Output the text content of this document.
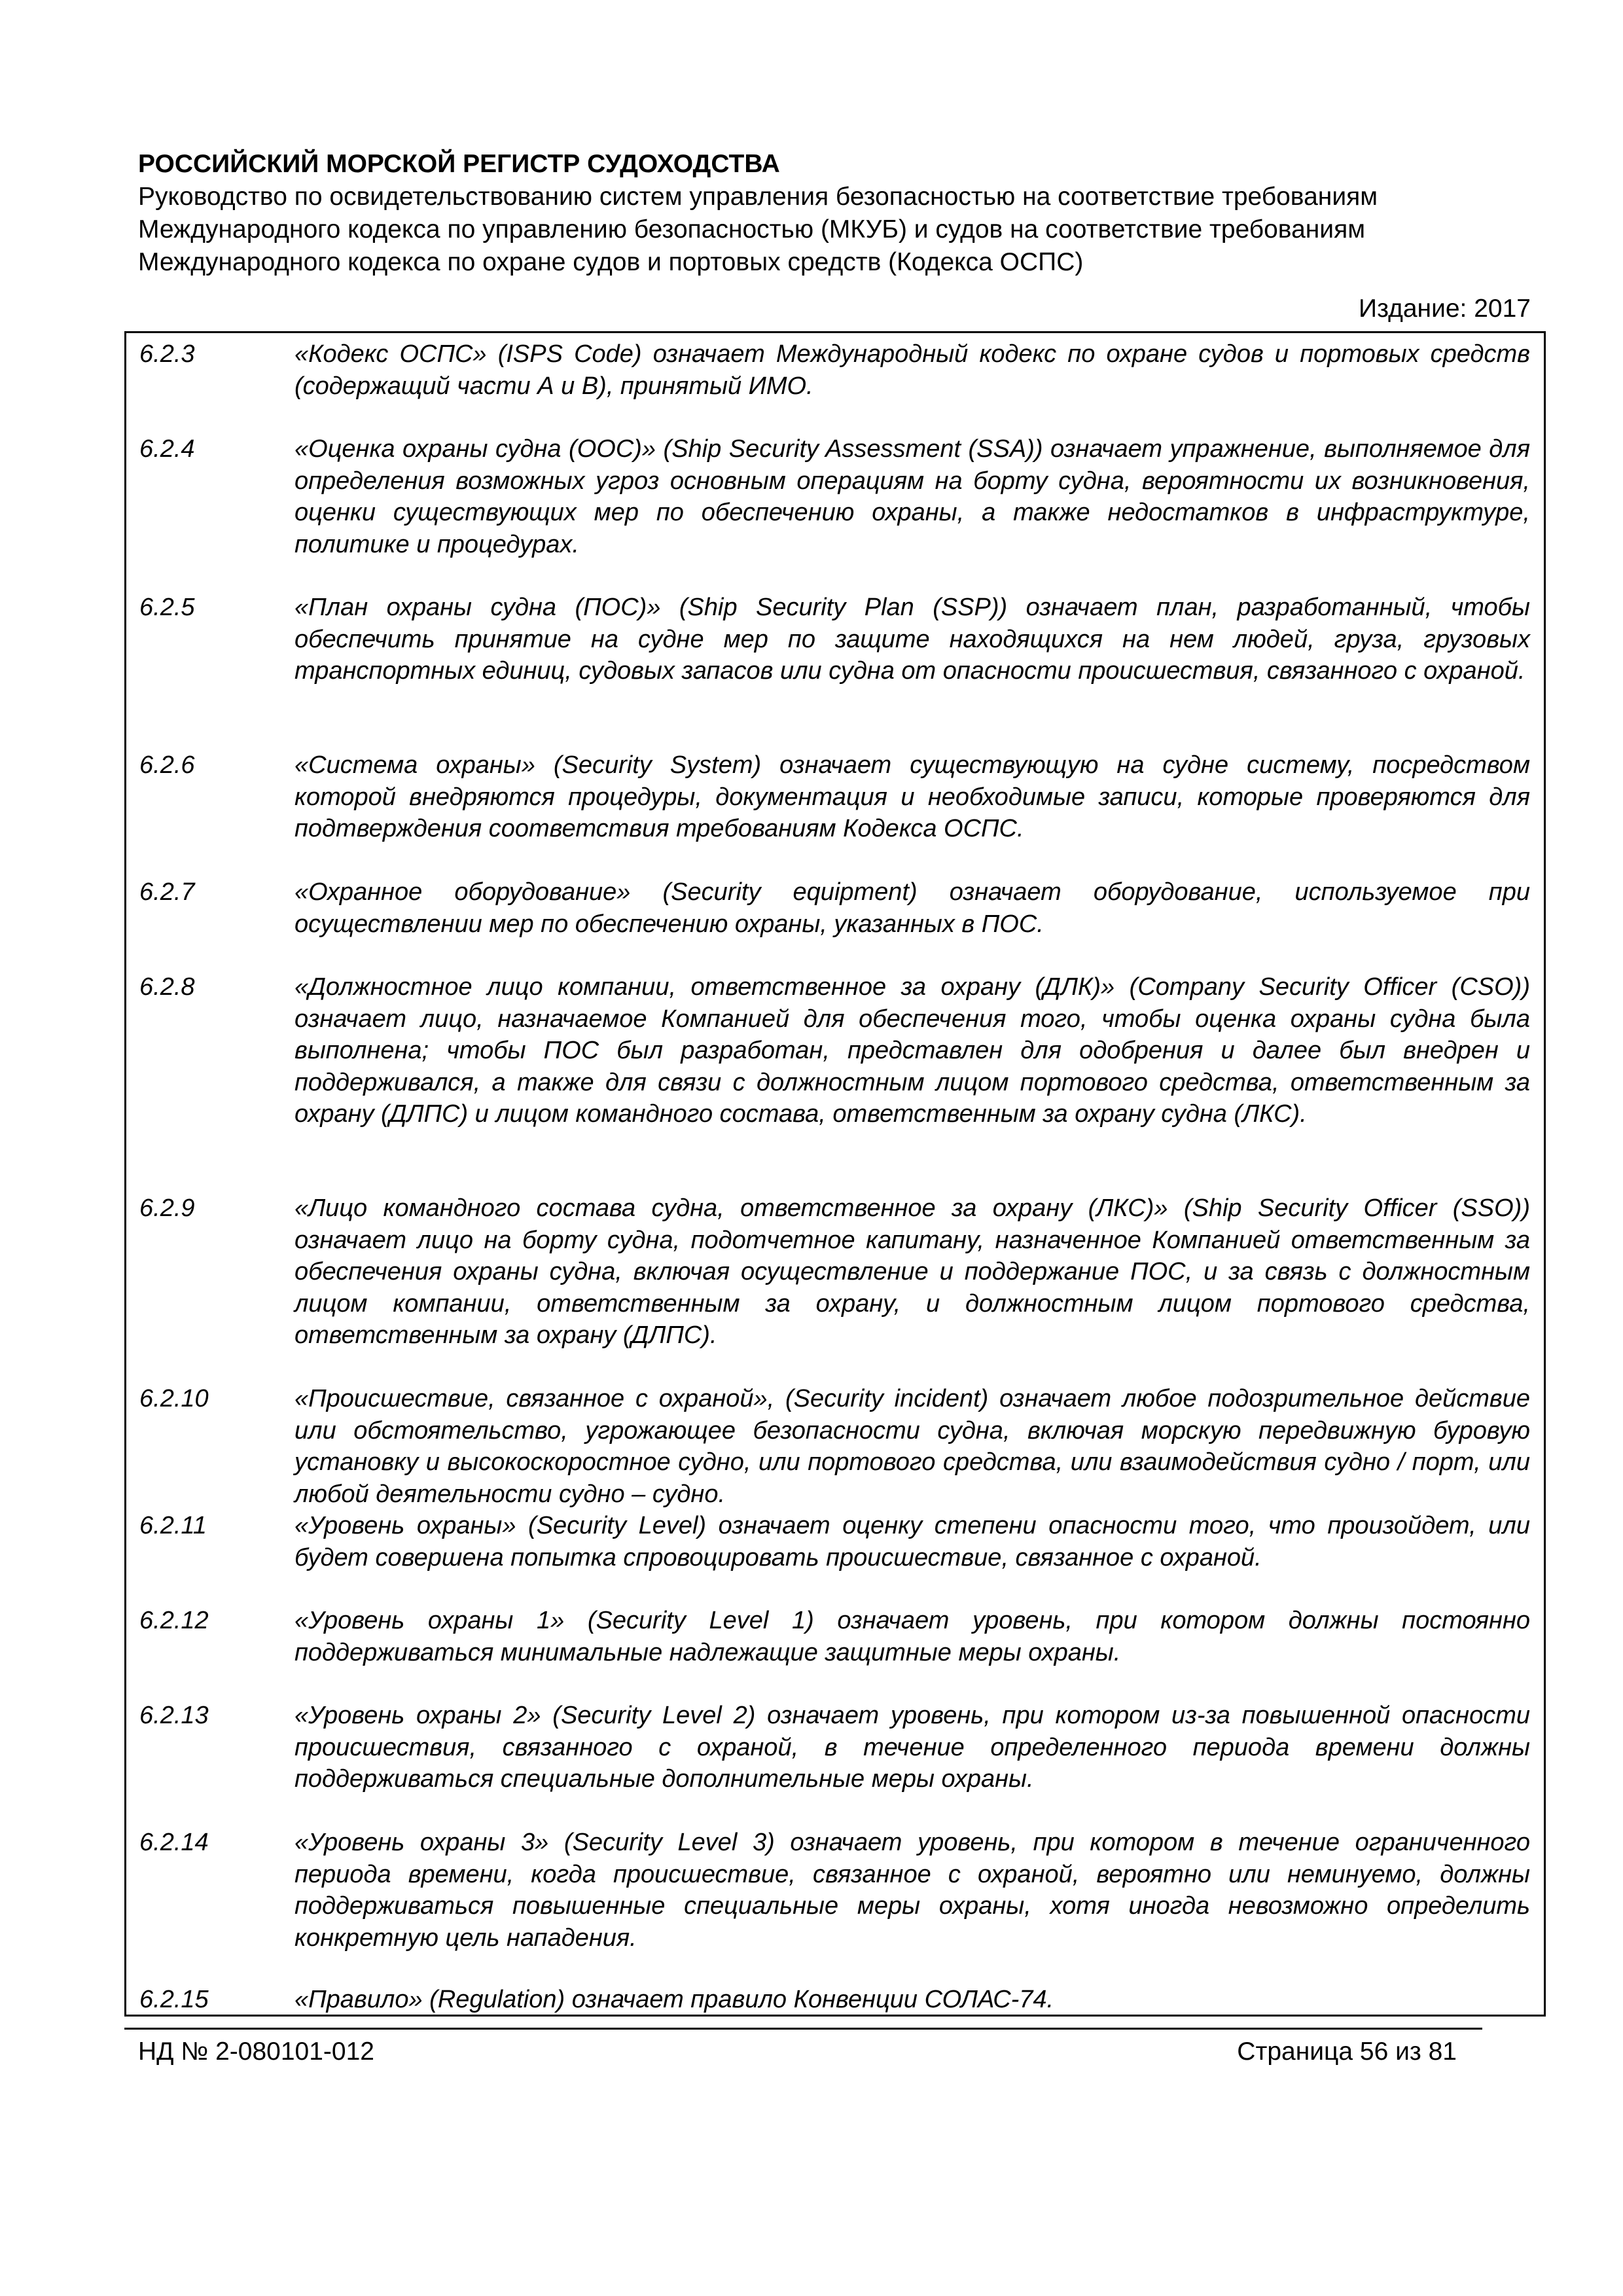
РОССИЙСКИЙ МОРСКОЙ РЕГИСТР СУДОХОДСТВА

Руководство по освидетельствованию систем управления безопасностью на соответствие требованиям Международного кодекса по управлению безопасностью (МКУБ) и судов на соответствие требованиям Международного кодекса по охране судов и портовых средств (Кодекса ОСПС)

Издание: 2017
6.2.3	«Кодекс ОСПС» (ISPS Code) означает Международный кодекс по охране судов и портовых средств (содержащий части А и В), принятый ИМО.
6.2.4	«Оценка охраны судна (ООС)» (Ship Security Assessment (SSA)) означает упражнение, выполняемое для определения возможных угроз основным операциям на борту судна, вероятности их возникновения, оценки существующих мер по обеспечению охраны, а также недостатков в инфраструктуре, политике и процедурах.
6.2.5	«План охраны судна (ПОС)» (Ship Security Plan (SSP)) означает план, разработанный, чтобы обеспечить принятие на судне мер по защите находящихся на нем людей, груза, грузовых транспортных единиц, судовых запасов или судна от опасности происшествия, связанного с охраной.
6.2.6	«Система охраны» (Security System) означает существующую на судне систему, посредством которой внедряются процедуры, документация и необходимые записи, которые проверяются для подтверждения соответствия требованиям Кодекса ОСПС.
6.2.7	«Охранное оборудование» (Security equipment) означает оборудование, используемое при осуществлении мер по обеспечению охраны, указанных в ПОС.
6.2.8	«Должностное лицо компании, ответственное за охрану (ДЛК)» (Company Security Officer (CSO)) означает лицо, назначаемое Компанией для обеспечения того, чтобы оценка охраны судна была выполнена; чтобы ПОС был разработан, представлен для одобрения и далее был внедрен и поддерживался, а также для связи с должностным лицом портового средства, ответственным за охрану (ДЛПС) и лицом командного состава, ответственным за охрану судна (ЛКС).
6.2.9	«Лицо командного состава судна, ответственное за охрану (ЛКС)» (Ship Security Officer (SSO)) означает лицо на борту судна, подотчетное капитану, назначенное Компанией ответственным за обеспечения охраны судна, включая осуществление и поддержание ПОС, и за связь с должностным лицом компании, ответственным за охрану, и должностным лицом портового средства, ответственным за охрану (ДЛПС).
6.2.10	«Происшествие, связанное с охраной», (Security incident) означает любое подозрительное действие или обстоятельство, угрожающее безопасности судна, включая морскую передвижную буровую установку и высокоскоростное судно, или портового средства, или взаимодействия судно / порт, или любой деятельности судно – судно.
6.2.11	«Уровень охраны» (Security Level) означает оценку степени опасности того, что произойдет, или будет совершена попытка спровоцировать происшествие, связанное с охраной.
6.2.12	«Уровень охраны 1» (Security Level 1) означает уровень, при котором должны постоянно поддерживаться минимальные надлежащие защитные меры охраны.
6.2.13	«Уровень охраны 2» (Security Level 2) означает уровень, при котором из-за повышенной опасности происшествия, связанного с охраной, в течение определенного периода времени должны поддерживаться специальные дополнительные меры охраны.
6.2.14	«Уровень охраны 3» (Security Level 3) означает уровень, при котором в течение ограниченного периода времени, когда происшествие, связанное с охраной, вероятно или неминуемо, должны поддерживаться повышенные специальные меры охраны, хотя иногда невозможно определить конкретную цель нападения.
6.2.15	«Правило» (Regulation) означает правило Конвенции СОЛАС-74.
НД № 2-080101-012	Страница 56 из 81
